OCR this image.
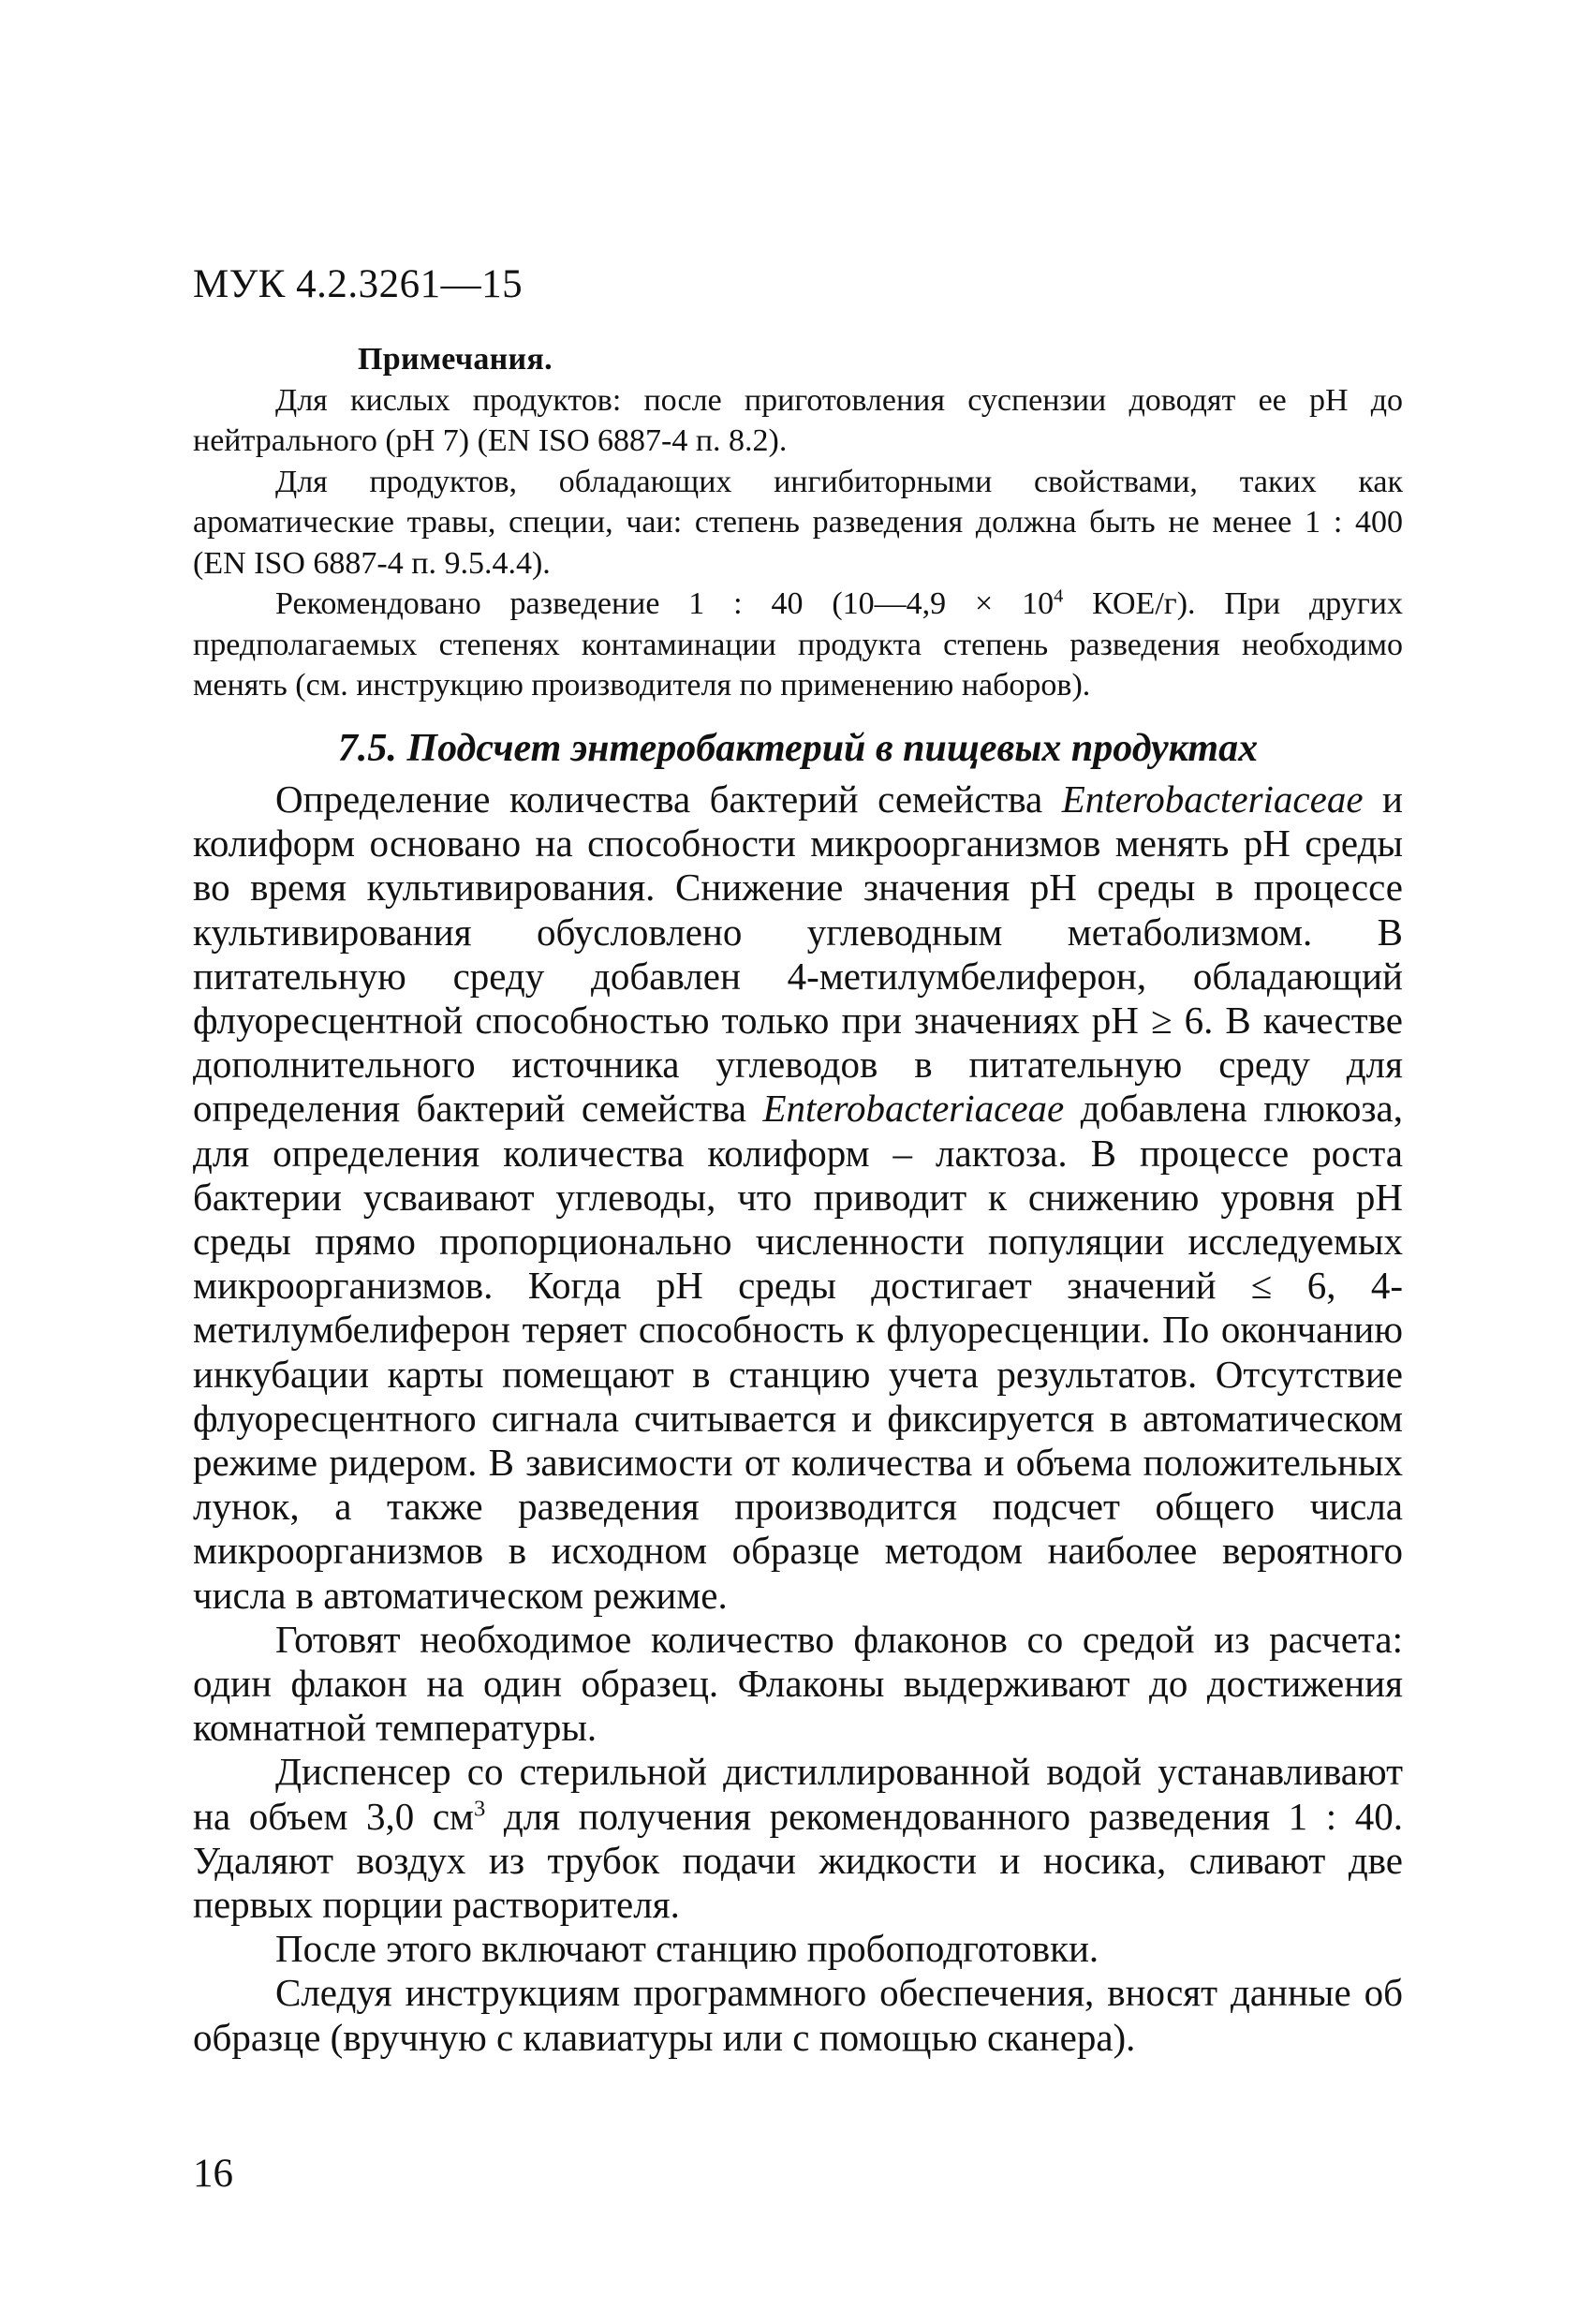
МУК 4.2.3261—15

Примечания.

Для кислых продуктов: после приготовления суспензии доводят ее pH до нейтрального (pH 7) (EN ISO 6887-4 п. 8.2).

Для продуктов, обладающих ингибиторными свойствами, таких как ароматические травы, специи, чаи: степень разведения должна быть не менее 1 : 400 (EN ISO 6887-4 п. 9.5.4.4).

Рекомендовано разведение 1 : 40 (10—4,9 × $10^4$ КОЕ/г). При других предполагаемых степенях контаминации продукта степень разведения необходимо менять (см. инструкцию производителя по применению наборов).

7.5. Подсчет энтеробактерий в пищевых продуктах

Определение количества бактерий семейства Enterobacteriaceae и колиформ основано на способности микроорганизмов менять pH среды во время культивирования. Снижение значения pH среды в процессе культивирования обусловлено углеводным метаболизмом. В питательную среду добавлен 4-метилумбелиферон, обладающий флуоресцентной способностью только при значениях pH ≥ 6. В качестве дополнительного источника углеводов в питательную среду для определения бактерий семейства Enterobacteriaceae добавлена глюкоза, для определения количества колиформ – лактоза. В процессе роста бактерии усваивают углеводы, что приводит к снижению уровня pH среды прямо пропорционально численности популяции исследуемых микроорганизмов. Когда pH среды достигает значений ≤ 6, 4-метилумбелиферон теряет способность к флуоресценции. По окончанию инкубации карты помещают в станцию учета результатов. Отсутствие флуоресцентного сигнала считывается и фиксируется в автоматическом режиме ридером. В зависимости от количества и объема положительных лунок, а также разведения производится подсчет общего числа микроорганизмов в исходном образце методом наиболее вероятного числа в автоматическом режиме.

Готовят необходимое количество флаконов со средой из расчета: один флакон на один образец. Флаконы выдерживают до достижения комнатной температуры.

Диспенсер со стерильной дистиллированной водой устанавливают на объем 3,0 $см^3$ для получения рекомендованного разведения 1 : 40. Удаляют воздух из трубок подачи жидкости и носика, сливают две первых порции растворителя.

После этого включают станцию пробоподготовки.

Следуя инструкциям программного обеспечения, вносят данные об образце (вручную с клавиатуры или с помощью сканера).

16
